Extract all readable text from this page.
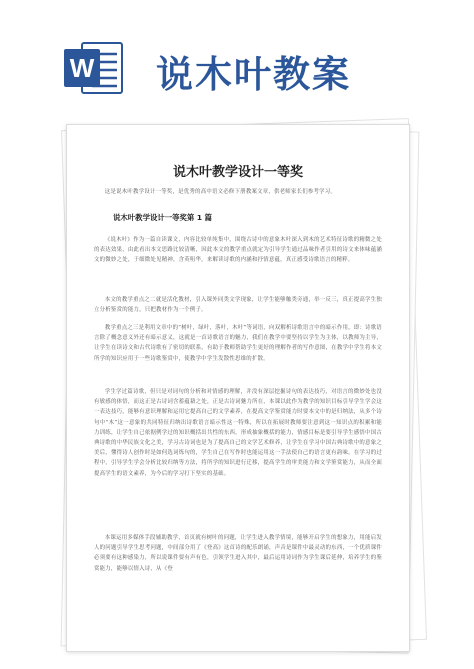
W 说木叶教案
说木叶教学设计一等奖

这是说木叶教学设计一等奖，是优秀的高中语文必修下册教案文章，供老师家长们参考学习。

说木叶教学设计一等奖第 1 篇

《说木叶》作为一篇自读课文，内容比较单纯集中，围绕古诗中的意象木叶深入到木的艺术特征诗歌的精微之处的表达效果，由此看出本文思路比较清晰，因此本文的教学重点就定为引导学生通过品味作者引用的诗文来体味蕴涵文的微妙之处，于细微处见精神，含英咀华，来解读诗歌的内涵和抒情意蕴，真正感受诗歌语言的精粹。

本文的教学重点之二就是活化教材，引入课外同类文学现象，让学生能够触类旁通，举一反三，真正提高学生独立分析鉴赏的能力，只把教材作为一个例子。

教学重点之三是利用文章中的“树叶，绿叶，落叶，木叶”等词语，向双解析诗歌语言中的暗示作用，即：诗歌语言除了概念意义外还有暗示意义，这就是一首诗歌语言的魅力，我们在教学中要坚持以学生为主体，以教师为主导，让学生在读诗文和古代诗歌有了密切的联系，有助于教师帮助学生更好的理解作者的写作意图，在教学中学生将本文所学的知识应用于一些诗歌鉴赏中，使教学中学生发散性思维的扩散。

学生学过篇诗歌，但只是对词句的分析和对情感的理解，并没有深层挖掘诗句的表达技巧，对语言的微妙处也没有敏感的体悟，而这正是古诗词含蓄蕴藉之处，正是古诗词魅力所在，本课以此作为教学的知识目标引导学生学会这一表达技巧，能够有意识理解和运用它提高自己的文学素养，在提高文学鉴赏能力时要本文中的是归纳法，从多个诗句中“木”这一意象的共同特征归纳出诗歌语言暗示性这一特殊，所以在拓展时教师要注意到这一知识点的积累和能力训练，让学生自己依据例学过的知识概括出共性的东西，形成抽象概括的能力，情感目标是要引导学生感悟中国古典诗歌的中华民族文化之美，学习古诗词也是为了提高自己的文学艺术修养，让学生在学习中国古典诗歌中的意象之美后，懂得诗人创作时是如何选词炼句的，学生自己在写作时也能运用这一手法使自己的语言更有韵味，在学习的过程中，引导学生学会分析比较归纳等方法，将所学的知识进行迁移，提高学生的审美能力和文学鉴赏能力，从而全面提高学生的语文素养，为今后的学习打下坚实的基础。

本课运用多媒体手段辅助教学，首页就有树叶的问题，让学生进入教学情境，能够开启学生的想象力，用能启发人的问题引导学生思考问题，中间部分用了《登高》这首诗的配乐朗诵，声音是课件中最灵动的东西，一个优质课件必须要有这种感染力，所以说课件要有声有色，引领学生进入其中，最后运用诗词作为学生课后延伸，培养学生的鉴赏能力，能够以情入诗，从《登
